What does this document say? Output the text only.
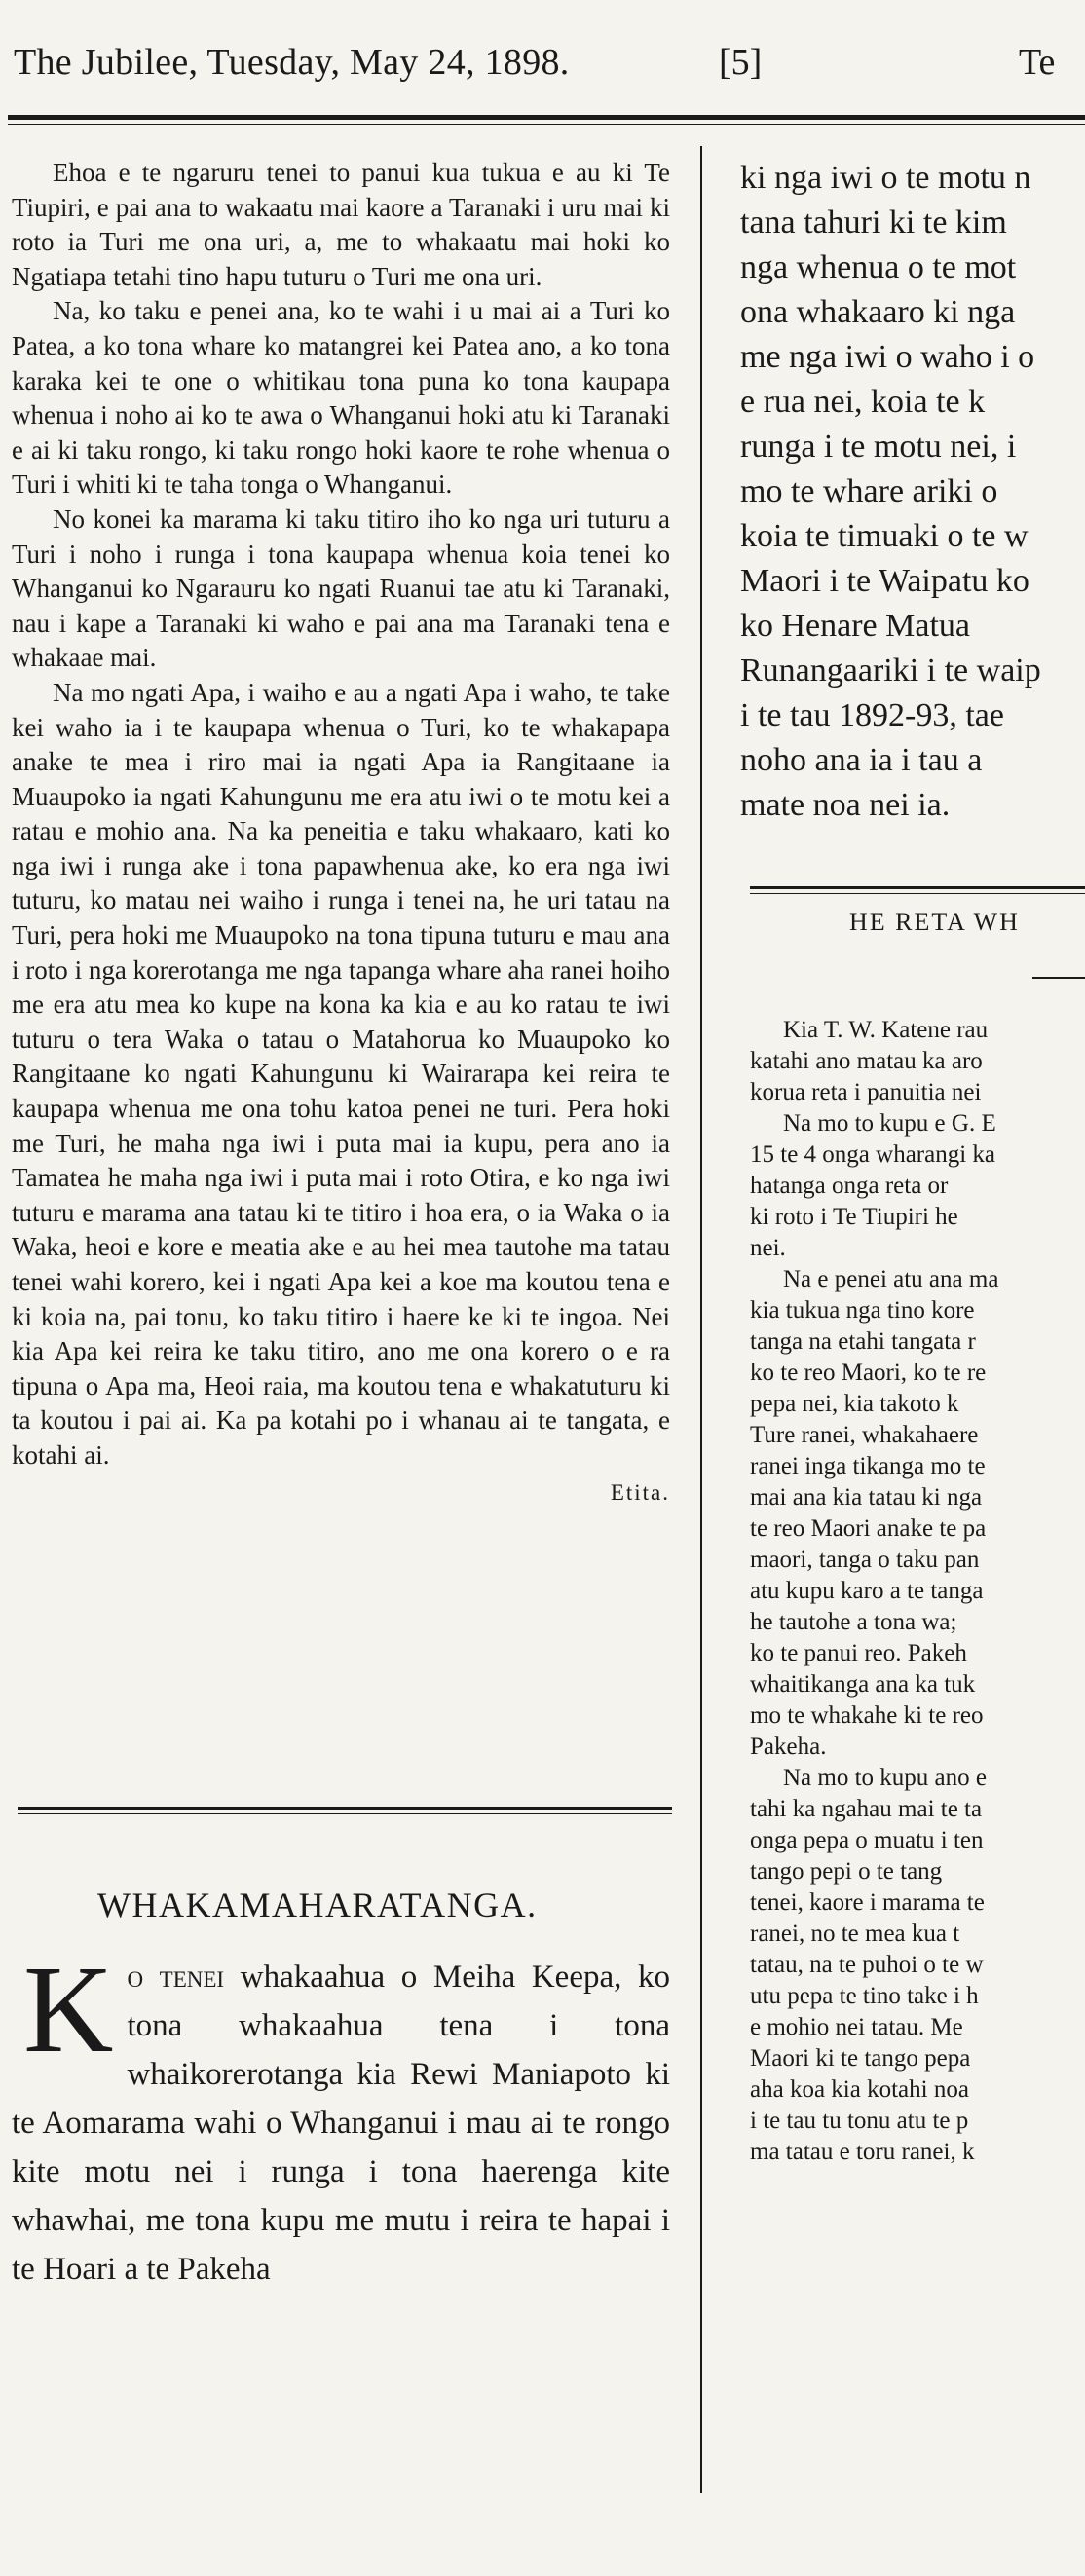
The Jubilee, Tuesday, May 24, 1898.	[5]	Te

Ehoa e te ngaruru tenei to panui kua tukua e au ki Te Tiupiri, e pai ana to wakaatu mai kaore a Taranaki i uru mai ki roto ia Turi me ona uri, a, me to whakaatu mai hoki ko Ngatiapa tetahi tino hapu tuturu o Turi me ona uri.

Na, ko taku e penei ana, ko te wahi i u mai ai a Turi ko Patea, a ko tona whare ko matangrei kei Patea ano, a ko tona karaka kei te one o whitikau tona puna ko tona kaupapa whenua i noho ai ko te awa o Whanganui hoki atu ki Taranaki e ai ki taku rongo, ki taku rongo hoki kaore te rohe whenua o Turi i whiti ki te taha tonga o Whanganui.

No konei ka marama ki taku titiro iho ko nga uri tuturu a Turi i noho i runga i tona kaupapa whenua koia tenei ko Whanganui ko Ngarauru ko ngati Ruanui tae atu ki Taranaki, nau i kape a Taranaki ki waho e pai ana ma Taranaki tena e whakaae mai.

Na mo ngati Apa, i waiho e au a ngati Apa i waho, te take kei waho ia i te kaupapa whenua o Turi, ko te whakapapa anake te mea i riro mai ia ngati Apa ia Rangitaane ia Muaupoko ia ngati Kahungunu me era atu iwi o te motu kei a ratau e mohio ana. Na ka peneitia e taku whakaaro, kati ko nga iwi i runga ake i tona papawhenua ake, ko era nga iwi tuturu, ko matau nei waiho i runga i tenei na, he uri tatau na Turi, pera hoki me Muaupoko na tona tipuna tuturu e mau ana i roto i nga korerotanga me nga tapanga whare aha ranei hoiho me era atu mea ko kupe na kona ka kia e au ko ratau te iwi tuturu o tera Waka o tatau o Matahorua ko Muaupoko ko Rangitaane ko ngati Kahungunu ki Wairarapa kei reira te kaupapa whenua me ona tohu katoa penei ne turi. Pera hoki me Turi, he maha nga iwi i puta mai ia kupu, pera ano ia Tamatea he maha nga iwi i puta mai i roto Otira, e ko nga iwi tuturu e marama ana tatau ki te titiro i hoa era, o ia Waka o ia Waka, heoi e kore e meatia ake e au hei mea tautohe ma tatau tenei wahi korero, kei i ngati Apa kei a koe ma koutou tena e ki koia na, pai tonu, ko taku titiro i haere ke ki te ingoa. Nei kia Apa kei reira ke taku titiro, ano me ona korero o e ra tipuna o Apa ma, Heoi raia, ma koutou tena e whakatuturu ki ta koutou i pai ai. Ka pa kotahi po i whanau ai te tangata, e kotahi ai.

Etita.
WHAKAMAHARATANGA.
Ko tenei whakaahua o Meiha Keepa, ko tona whakaahua tena i tona whaikorerotanga kia Rewi Maniapoto ki te Aomarama wahi o Whanganui i mau ai te rongo kite motu nei i runga i tona haerenga kite whawhai, me tona kupu me mutu i reira te hapai i te Hoari a te Pakeha
ki nga iwi o te motu n
tana tahuri ki te kim
nga whenua o te mot
ona whakaaro ki nga
me nga iwi o waho i o
e rua nei, koia te k
runga i te motu nei, i
mo te whare ariki o
koia te timuaki o te w
Maori i te Waipatu ko
ko Henare Matua
Runangaariki i te waip
i te tau 1892-93, tae
noho ana ia i tau a
mate noa nei ia.
HE RETA WH
Kia T. W. Katene rau
katahi ano matau ka aro
korua reta i panuitia nei
Na mo to kupu e G. E
15 te 4 onga wharangi ka
hatanga onga reta or
ki roto i Te Tiupiri he
nei.
Na e penei atu ana ma
kia tukua nga tino kore
tanga na etahi tangata r
ko te reo Maori, ko te re
pepa nei, kia takoto k
Ture ranei, whakahaere
ranei inga tikanga mo te
mai ana kia tatau ki nga
te reo Maori anake te pa
maori, tanga o taku pan
atu kupu karo a te tanga
he tautohe a tona wa;
ko te panui reo. Pakeh
whaitikanga ana ka tuk
mo te whakahe ki te reo
Pakeha.
Na mo to kupu ano e
tahi ka ngahau mai te ta
onga pepa o muatu i ten
tango pepi o te tang
tenei, kaore i marama te
ranei, no te mea kua t
tatau, na te puhoi o te w
utu pepa te tino take i h
e mohio nei tatau. Me
Maori ki te tango pepa
aha koa kia kotahi noa
i te tau tu tonu atu te p
ma tatau e toru ranei, k
